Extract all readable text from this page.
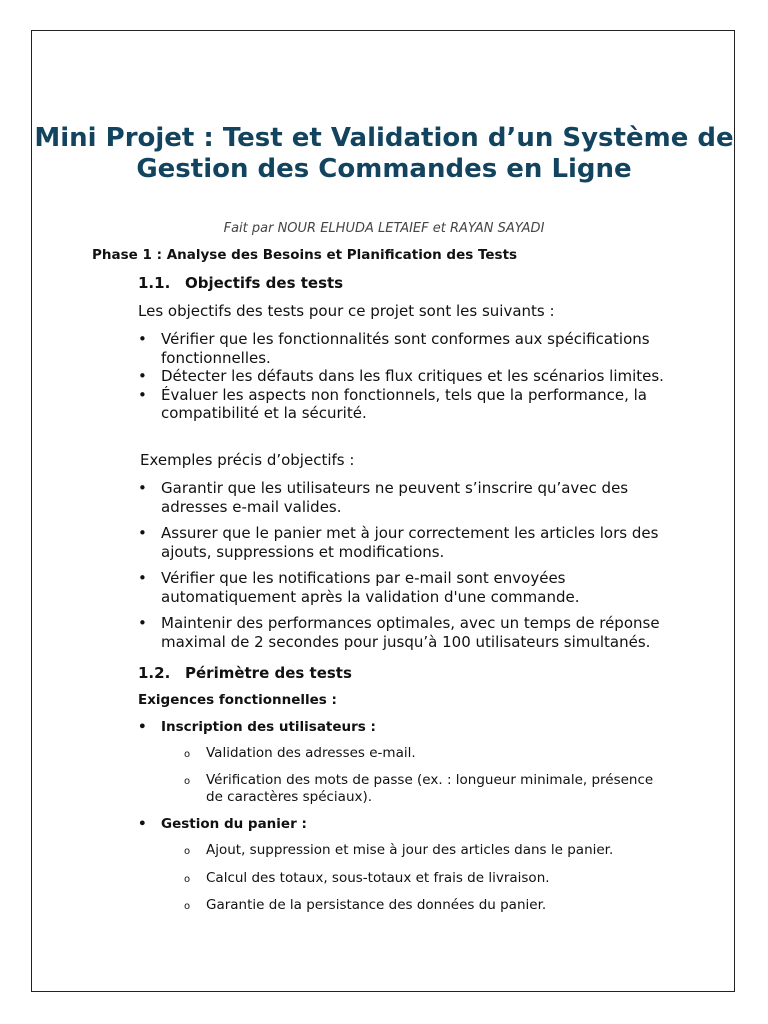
Mini Projet : Test et Validation d’un Système de Gestion des Commandes en Ligne

Fait par NOUR ELHUDA LETAIEF et RAYAN SAYADI

Phase 1 : Analyse des Besoins et Planification des Tests

1.1. Objectifs des tests

Les objectifs des tests pour ce projet sont les suivants :

• Vérifier que les fonctionnalités sont conformes aux spécifications fonctionnelles.
• Détecter les défauts dans les flux critiques et les scénarios limites.
• Évaluer les aspects non fonctionnels, tels que la performance, la compatibilité et la sécurité.

Exemples précis d’objectifs :

• Garantir que les utilisateurs ne peuvent s’inscrire qu’avec des adresses e-mail valides.
• Assurer que le panier met à jour correctement les articles lors des ajouts, suppressions et modifications.
• Vérifier que les notifications par e-mail sont envoyées automatiquement après la validation d'une commande.
• Maintenir des performances optimales, avec un temps de réponse maximal de 2 secondes pour jusqu’à 100 utilisateurs simultanés.

1.2. Périmètre des tests

Exigences fonctionnelles :

• Inscription des utilisateurs :
o Validation des adresses e-mail.
o Vérification des mots de passe (ex. : longueur minimale, présence de caractères spéciaux).
• Gestion du panier :
o Ajout, suppression et mise à jour des articles dans le panier.
o Calcul des totaux, sous-totaux et frais de livraison.
o Garantie de la persistance des données du panier.
